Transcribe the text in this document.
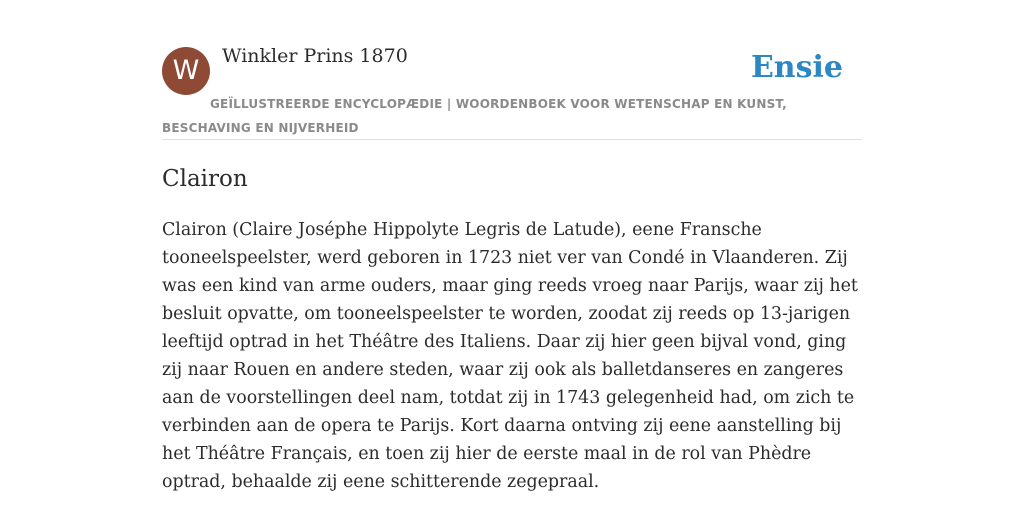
W	Winkler Prins 1870
GEÏLLUSTREERDE ENCYCLOPÆDIE | WOORDENBOEK VOOR WETENSCHAP EN KUNST, BESCHAVING EN NIJVERHEID
Ensie
Clairon

Clairon (Claire Joséphe Hippolyte Legris de Latude), eene Fransche tooneelspeelster, werd geboren in 1723 niet ver van Condé in Vlaanderen. Zij was een kind van arme ouders, maar ging reeds vroeg naar Parijs, waar zij het besluit opvatte, om tooneelspeelster te worden, zoodat zij reeds op 13-jarigen leeftijd optrad in het Théâtre des Italiens. Daar zij hier geen bijval vond, ging zij naar Rouen en andere steden, waar zij ook als balletdanseres en zangeres aan de voorstellingen deel nam, totdat zij in 1743 gelegenheid had, om zich te verbinden aan de opera te Parijs. Kort daarna ontving zij eene aanstelling bij het Théâtre Français, en toen zij hier de eerste maal in de rol van Phèdre optrad, behaalde zij eene schitterende zegepraal.
